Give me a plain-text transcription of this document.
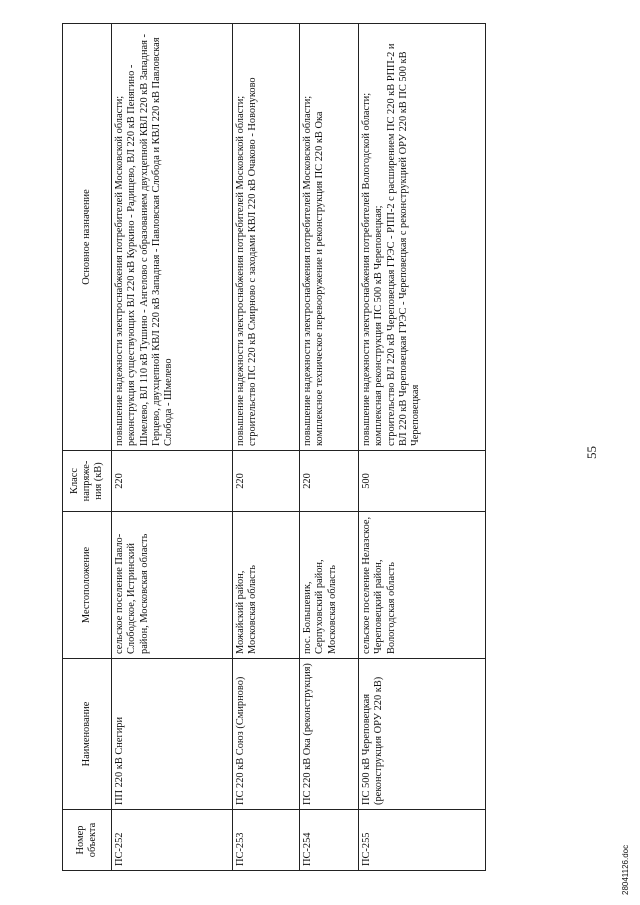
Номер объекта	Наименование	Местоположение	Класс напряже-ния (кВ)	Основное назначение
ПС-252	ПП 220 кВ Снегири	сельское поселение Павло-Слободское, Истринский район, Московская область	220	повышение надежности электроснабжения потребителей Московской области; реконструкция существующих ВЛ 220 кВ Куркино - Радищево, ВЛ 220 кВ Пенягино - Шмелево, ВЛ 110 кВ Тушино - Ангелово с образованием двухцепной КВЛ 220 кВ Западная - Герцево, двухцепной КВЛ 220 кВ Западная - Павловская Слобода и КВЛ 220 кВ Павловская Слобода - Шмелево

ПС-253	ПС 220 кВ Союз (Смирново)	Можайский район, Московская область	220	повышение надежности электроснабжения потребителей Московской области; строительство ПС 220 кВ Смирново с заходами КВЛ 220 кВ Очаково - Новонуково

ПС-254	ПС 220 кВ Ока (реконструкция)	пос. Большевик, Серпуховский район, Московская область	220	повышение надежности электроснабжения потребителей Московской области; комплексное техническое перевооружение и реконструкция ПС 220 кВ Ока

ПС-255	ПС 500 кВ Череповецкая (реконструкция ОРУ 220 кВ)	сельское поселение Нелазское, Череповецкий район, Вологодская область	500	повышение надежности электроснабжения потребителей Вологодской области; комплексная реконструкция ПС 500 кВ Череповецкая; строительство ВЛ 220 кВ Череповецкая ГРЭС - РПП-2 с расширением ПС 220 кВ РПП-2 и ВЛ 220 кВ Череповецкая ГРЭС - Череповецкая с реконструкцией ОРУ 220 кВ ПС 500 кВ Череповецкая
55
28041126.doc
